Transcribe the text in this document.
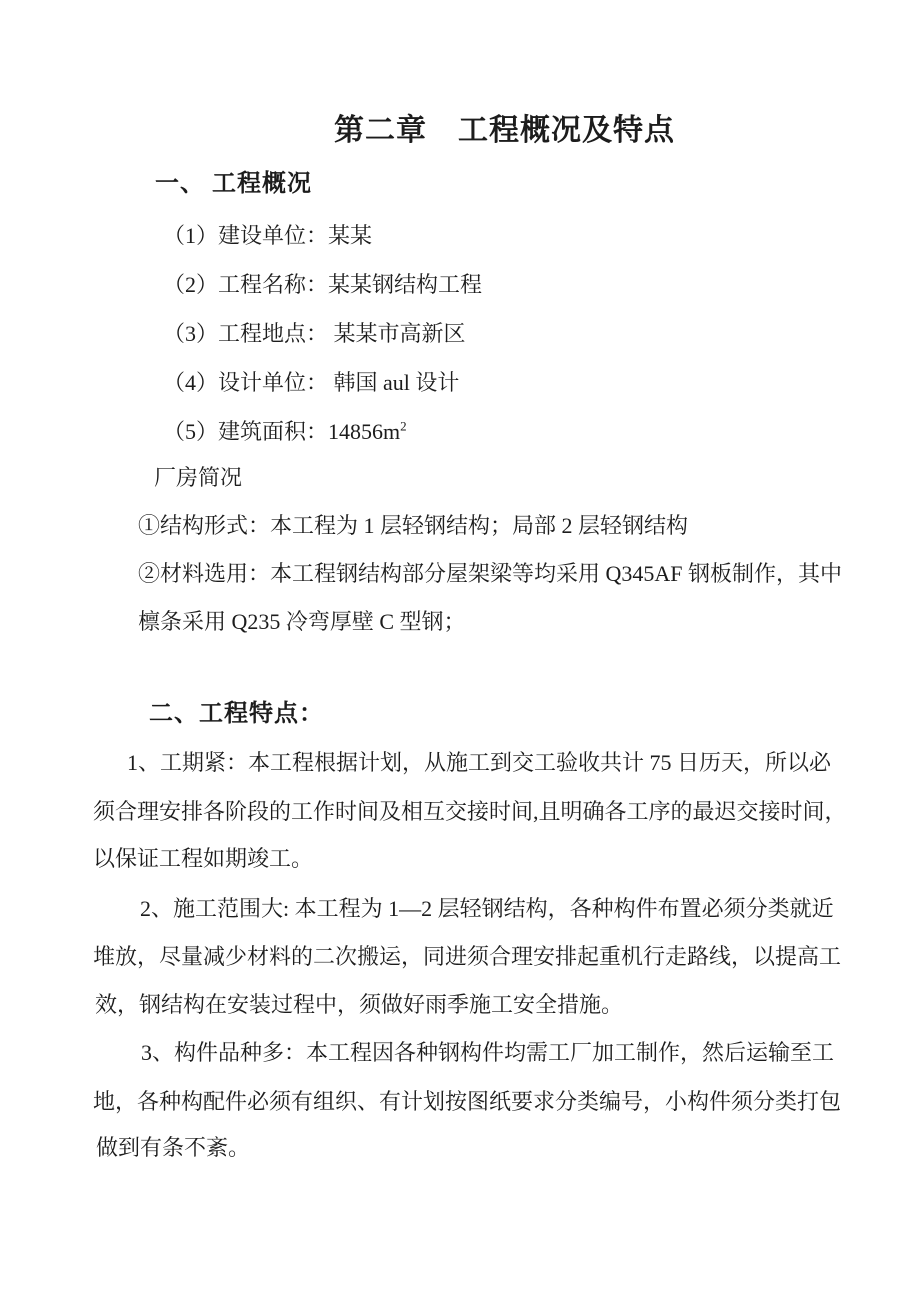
第二章　工程概况及特点
一、 工程概况
（1）建设单位：某某
（2）工程名称：某某钢结构工程
（3）工程地点： 某某市高新区
（4）设计单位： 韩国 aul 设计
（5）建筑面积：$14856m^2$
厂房简况
①结构形式：本工程为 1 层轻钢结构；局部 2 层轻钢结构
②材料选用：本工程钢结构部分屋架梁等均采用 Q345AF 钢板制作，其中
檩条采用 Q235 冷弯厚壁 C 型钢；
二、工程特点：
1、工期紧：本工程根据计划，从施工到交工验收共计 75 日历天，所以必
须合理安排各阶段的工作时间及相互交接时间,且明确各工序的最迟交接时间，
以保证工程如期竣工。
2、施工范围大: 本工程为 1—2 层轻钢结构，各种构件布置必须分类就近
堆放，尽量减少材料的二次搬运，同进须合理安排起重机行走路线，以提高工
效，钢结构在安装过程中，须做好雨季施工安全措施。
3、构件品种多：本工程因各种钢构件均需工厂加工制作，然后运输至工
地，各种构配件必须有组织、有计划按图纸要求分类编号，小构件须分类打包
做到有条不紊。
